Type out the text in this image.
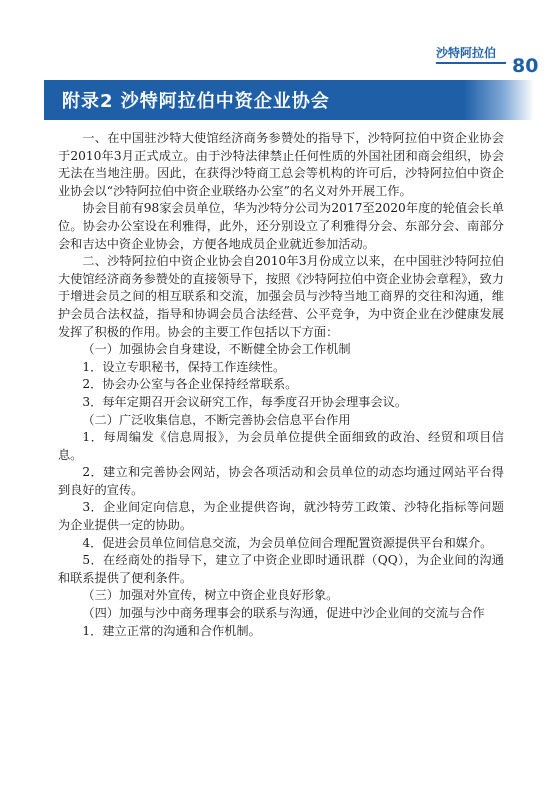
沙特阿拉伯
80
附录2 沙特阿拉伯中资企业协会

一、在中国驻沙特大使馆经济商务参赞处的指导下，沙特阿拉伯中资企业协会于2010年3月正式成立。由于沙特法律禁止任何性质的外国社团和商会组织，协会无法在当地注册。因此，在获得沙特商工总会等机构的许可后，沙特阿拉伯中资企业协会以“沙特阿拉伯中资企业联络办公室”的名义对外开展工作。

协会目前有98家会员单位，华为沙特分公司为2017至2020年度的轮值会长单位。协会办公室设在利雅得，此外，还分别设立了利雅得分会、东部分会、南部分会和吉达中资企业协会，方便各地成员企业就近参加活动。

二、沙特阿拉伯中资企业协会自2010年3月份成立以来，在中国驻沙特阿拉伯大使馆经济商务参赞处的直接领导下，按照《沙特阿拉伯中资企业协会章程》，致力于增进会员之间的相互联系和交流，加强会员与沙特当地工商界的交往和沟通，维护会员合法权益，指导和协调会员合法经营、公平竞争，为中资企业在沙健康发展发挥了积极的作用。协会的主要工作包括以下方面：

（一）加强协会自身建设，不断健全协会工作机制

1．设立专职秘书，保持工作连续性。

2．协会办公室与各企业保持经常联系。

3．每年定期召开会议研究工作，每季度召开协会理事会议。

（二）广泛收集信息，不断完善协会信息平台作用

1．每周编发《信息周报》，为会员单位提供全面细致的政治、经贸和项目信息。

2．建立和完善协会网站，协会各项活动和会员单位的动态均通过网站平台得到良好的宣传。

3．企业间定向信息，为企业提供咨询，就沙特劳工政策、沙特化指标等问题为企业提供一定的协助。

4．促进会员单位间信息交流，为会员单位间合理配置资源提供平台和媒介。

5．在经商处的指导下，建立了中资企业即时通讯群（QQ），为企业间的沟通和联系提供了便利条件。

（三）加强对外宣传，树立中资企业良好形象。

（四）加强与沙中商务理事会的联系与沟通，促进中沙企业间的交流与合作

1．建立正常的沟通和合作机制。
